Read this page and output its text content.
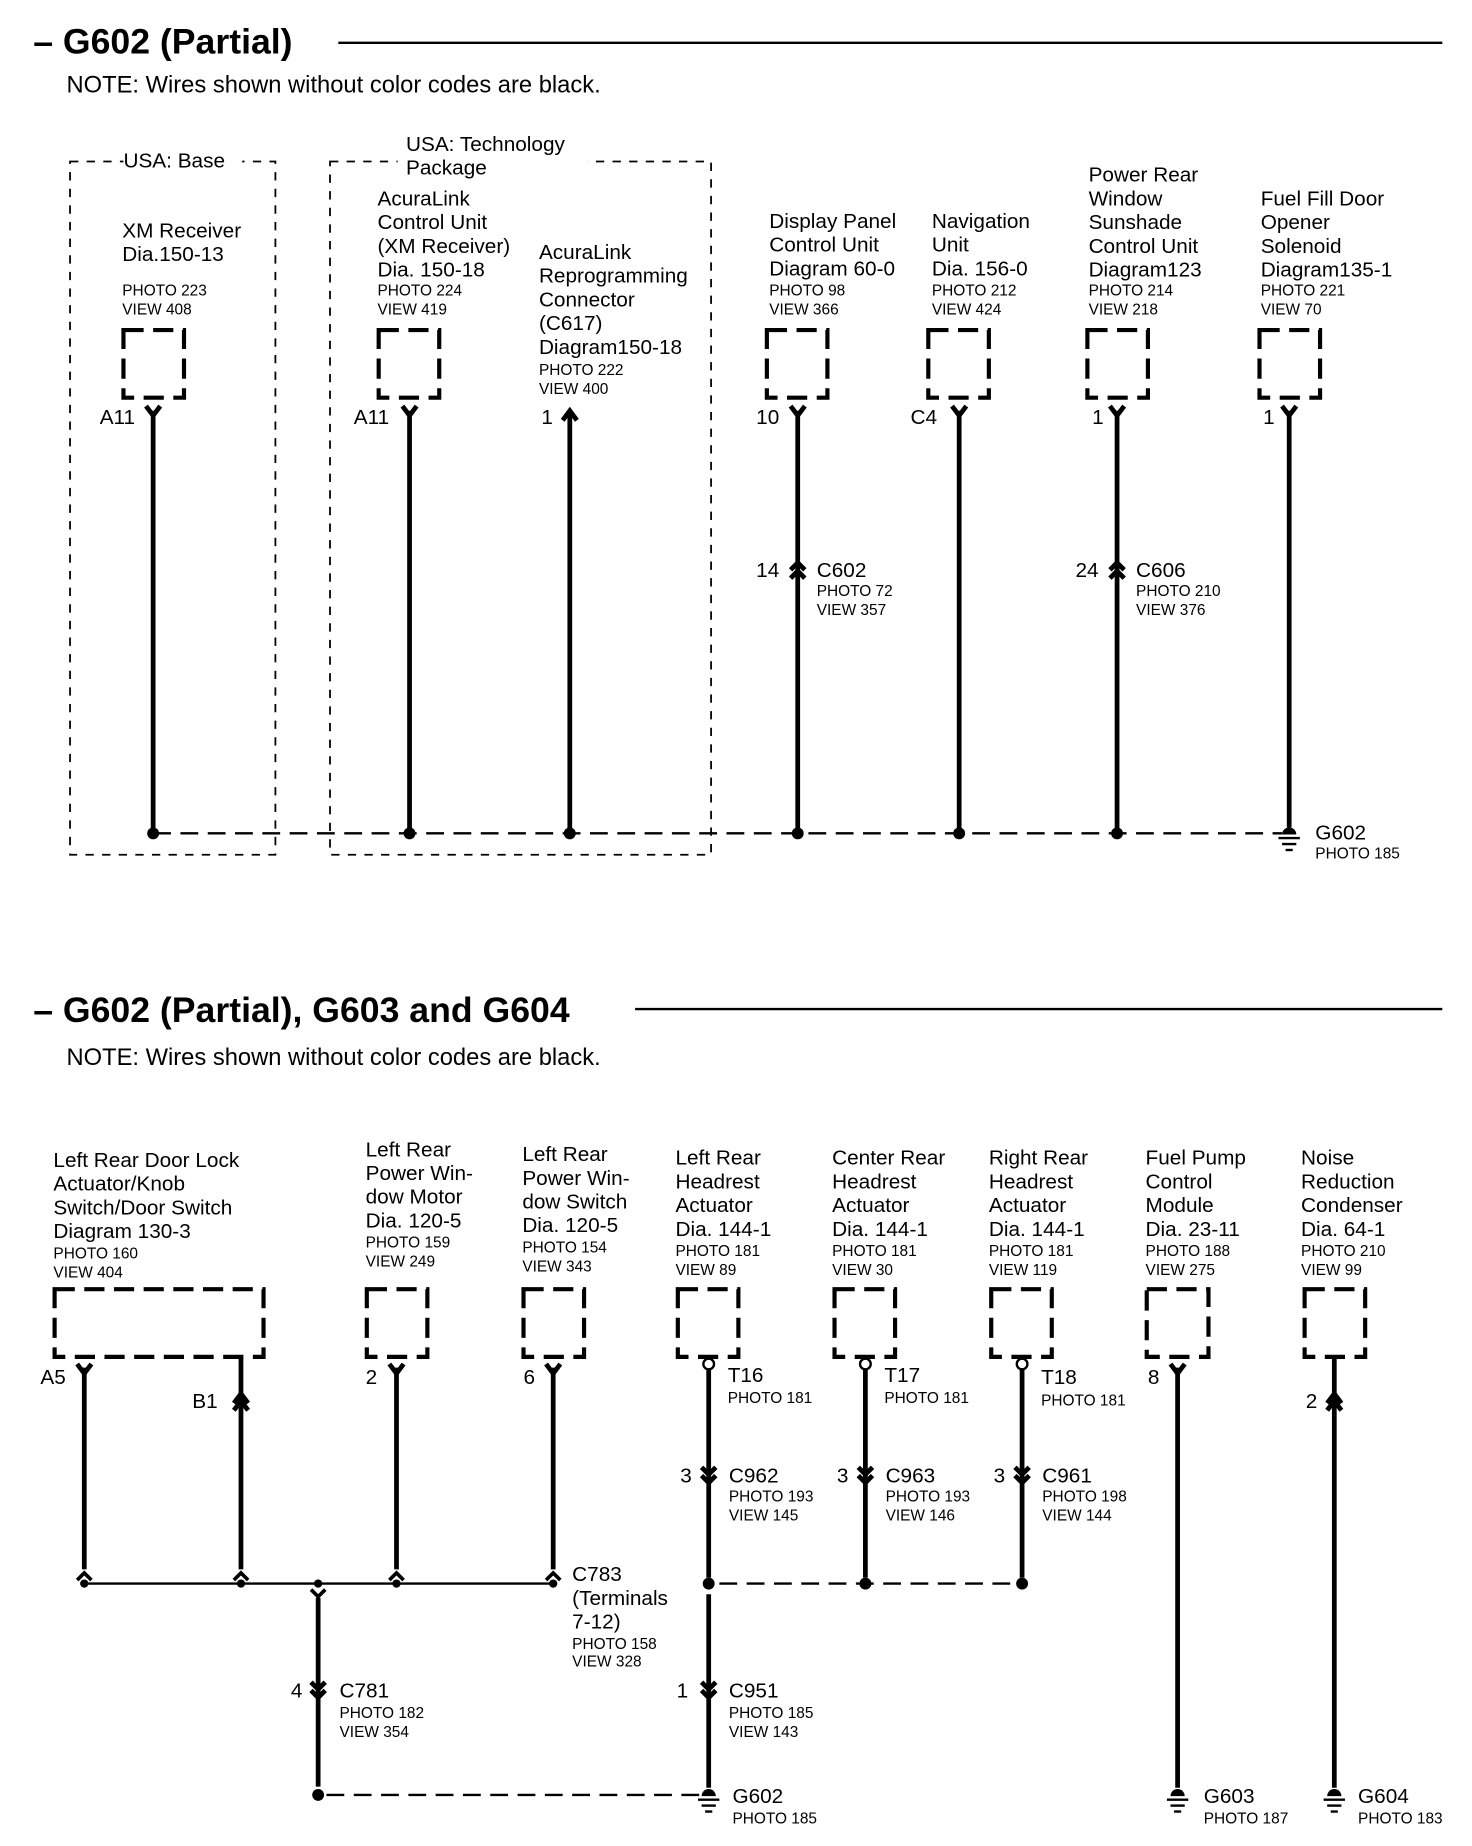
– G602 (Partial)
NOTE: Wires shown without color codes are black.
USA: Base
USA: Technology
Package
XM Receiver
Dia.150-13
PHOTO 223
VIEW 408
A11
AcuraLink
Control Unit
(XM Receiver)
Dia. 150-18
PHOTO 224
VIEW 419
A11
AcuraLink
Reprogramming
Connector
(C617)
Diagram150-18
PHOTO 222
VIEW 400
1
Display Panel
Control Unit
Diagram 60-0
PHOTO 98
VIEW 366
10
14 C602
PHOTO 72
VIEW 357
Navigation
Unit
Dia. 156-0
PHOTO 212
VIEW 424
C4
Power Rear
Window
Sunshade
Control Unit
Diagram123
PHOTO 214
VIEW 218
1
24 C606
PHOTO 210
VIEW 376
Fuel Fill Door
Opener
Solenoid
Diagram135-1
PHOTO 221
VIEW 70
1
G602
PHOTO 185
– G602 (Partial), G603 and G604
NOTE: Wires shown without color codes are black.
Left Rear Door Lock
Actuator/Knob
Switch/Door Switch
Diagram 130-3
PHOTO 160
VIEW 404
A5
B1
Left Rear
Power Win-
dow Motor
Dia. 120-5
PHOTO 159
VIEW 249
2
Left Rear
Power Win-
dow Switch
Dia. 120-5
PHOTO 154
VIEW 343
6
Left Rear
Headrest
Actuator
Dia. 144-1
PHOTO 181
VIEW 89
T16
PHOTO 181
3 C962
PHOTO 193
VIEW 145
Center Rear
Headrest
Actuator
Dia. 144-1
PHOTO 181
VIEW 30
T17
PHOTO 181
3 C963
PHOTO 193
VIEW 146
Right Rear
Headrest
Actuator
Dia. 144-1
PHOTO 181
VIEW 119
T18
PHOTO 181
3 C961
PHOTO 198
VIEW 144
Fuel Pump
Control
Module
Dia. 23-11
PHOTO 188
VIEW 275
8
Noise
Reduction
Condenser
Dia. 64-1
PHOTO 210
VIEW 99
2
C783
(Terminals
7-12)
PHOTO 158
VIEW 328
4 C781
PHOTO 182
VIEW 354
1 C951
PHOTO 185
VIEW 143
G602
PHOTO 185
G603
PHOTO 187
G604
PHOTO 183
